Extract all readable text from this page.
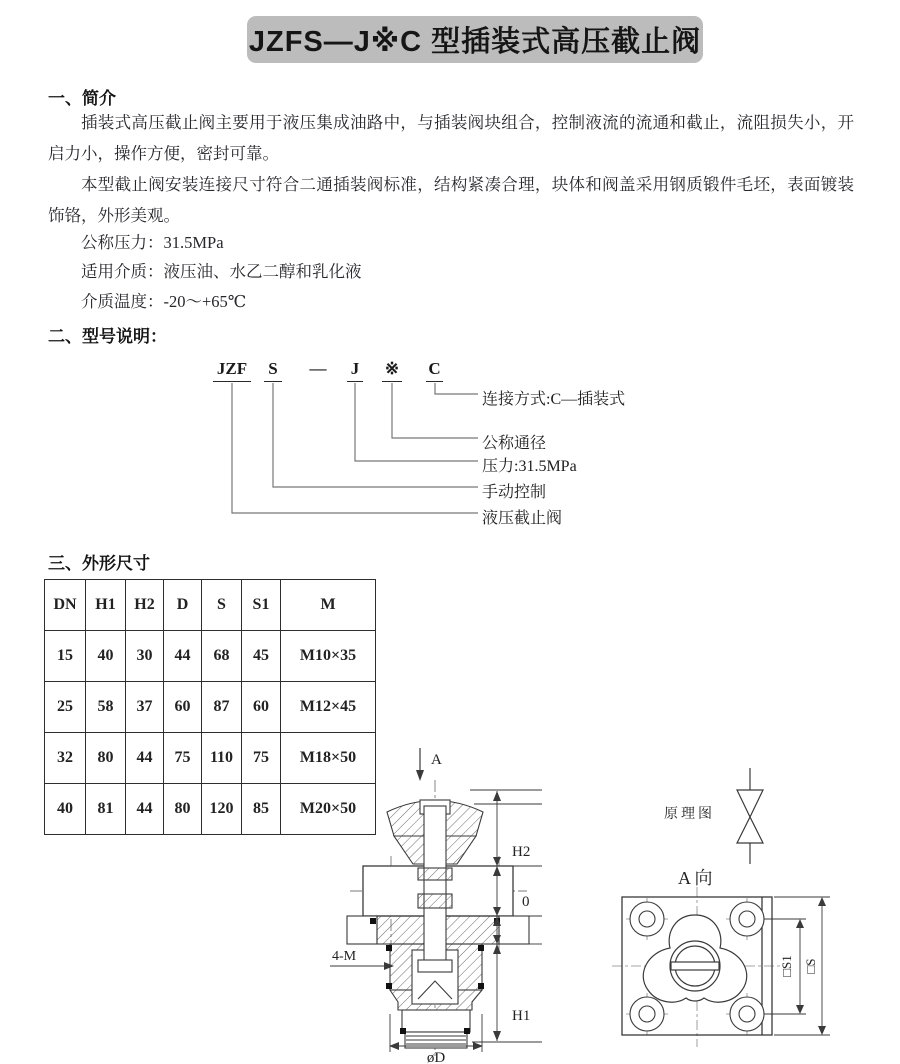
JZFS—J※C 型插装式高压截止阀
一、简介
插装式高压截止阀主要用于液压集成油路中，与插装阀块组合，控制液流的流通和截止，流阻损失小，开启力小，操作方便，密封可靠。
本型截止阀安装连接尺寸符合二通插装阀标准，结构紧凑合理，块体和阀盖采用钢质锻件毛坯，表面镀装饰铬，外形美观。
公称压力：31.5MPa
适用介质：液压油、水乙二醇和乳化液
介质温度：-20～+65℃
二、型号说明：
JZF S — J ※ C
连接方式:C—插装式
公称通径
压力:31.5MPa
手动控制
液压截止阀
三、外形尺寸
DN	H1	H2	D	S	S1	M
15	40	30	44	68	45	M10×35
25	58	37	60	87	60	M12×45
32	80	44	75	110	75	M18×50
40	81	44	80	120	85	M20×50
A
H2
0
H1
øD
4-M
原理图
A 向
□S1 □S
